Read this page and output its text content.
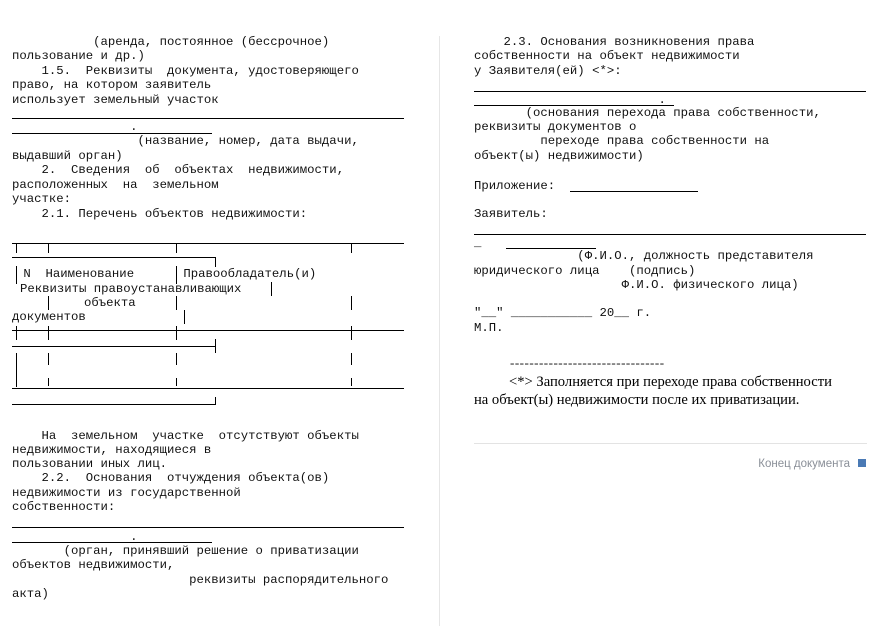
(аренда, постоянное (бессрочное)
пользование и др.)
1.5.  Реквизиты  документа, удостоверяющего
право, на котором заявитель
использует земельный участок
.
(название, номер, дата выдачи,
выдавший орган)
2.  Сведения  об  объектах  недвижимости,
расположенных  на  земельном
участке:
2.1. Перечень объектов недвижимости:
N  Наименование	Правообладатель(и)
Реквизиты правоустанавливающих
объекта
документов
На  земельном  участке  отсутствуют объекты
недвижимости, находящиеся в
пользовании иных лиц.
2.2.  Основания  отчуждения объекта(ов)
недвижимости из государственной
собственности:
.
(орган, принявший решение о приватизации
объектов недвижимости,
реквизиты распорядительного
акта)
2.3. Основания возникновения права
собственности на объект недвижимости
у Заявителя(ей) <*>:
.
(основания перехода права собственности,
реквизиты документов о
переходе права собственности на
объект(ы) недвижимости)
Приложение:
Заявитель:
_
(Ф.И.О., должность представителя
юридического лица    (подпись)
Ф.И.О. физического лица)
"__" ___________ 20__ г.
М.П.
--------------------------------
<*> Заполняется при переходе права собственности
на объект(ы) недвижимости после их приватизации.
Конец документа
